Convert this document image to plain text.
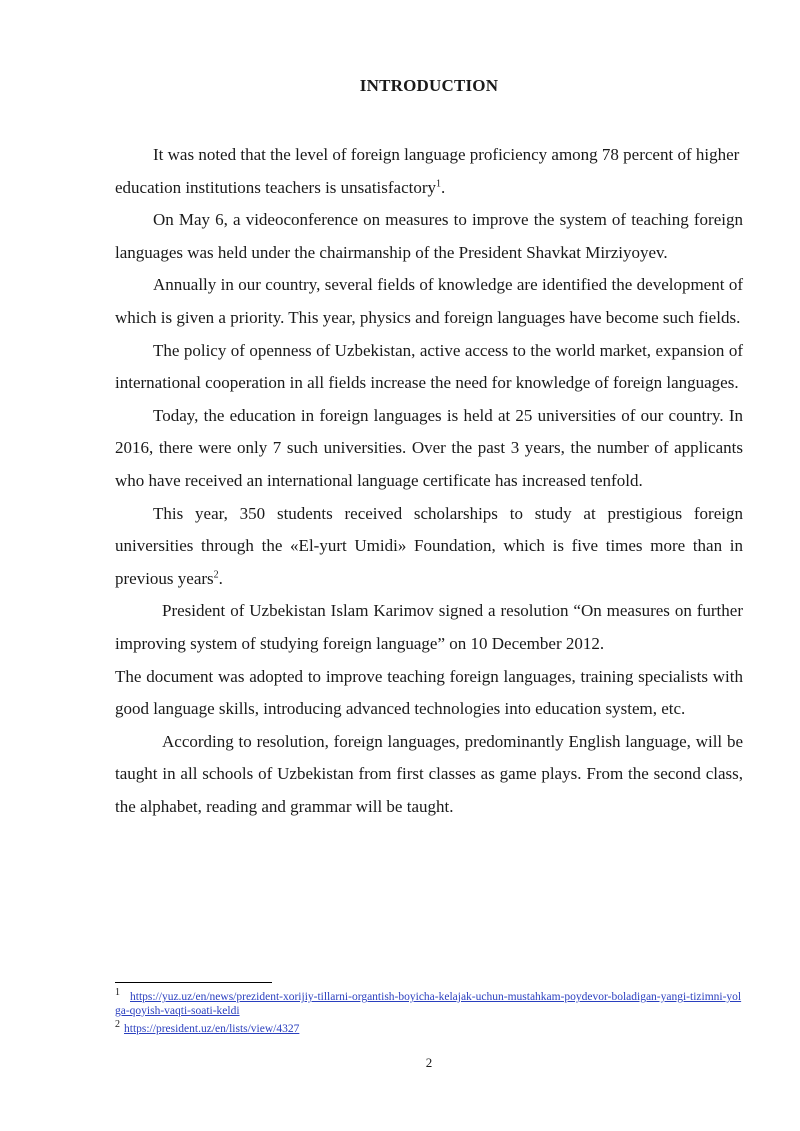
INTRODUCTION

It was noted that the level of foreign language proficiency among 78 percent of higher education institutions teachers is unsatisfactory$^1$.

On May 6, a videoconference on measures to improve the system of teaching foreign languages was held under the chairmanship of the President Shavkat Mirziyoyev.

Annually in our country, several fields of knowledge are identified the development of which is given a priority. This year, physics and foreign languages have become such fields.

The policy of openness of Uzbekistan, active access to the world market, expansion of international cooperation in all fields increase the need for knowledge of foreign languages.

Today, the education in foreign languages is held at 25 universities of our country. In 2016, there were only 7 such universities. Over the past 3 years, the number of applicants who have received an international language certificate has increased tenfold.

This year, 350 students received scholarships to study at prestigious foreign universities through the «El-yurt Umidi» Foundation, which is five times more than in previous years$^2$.

President of Uzbekistan Islam Karimov signed a resolution “On measures on further improving system of studying foreign language” on 10 December 2012.

The document was adopted to improve teaching foreign languages, training specialists with good language skills, introducing advanced technologies into education system, etc.

According to resolution, foreign languages, predominantly English language, will be taught in all schools of Uzbekistan from first classes as game plays. From the second class, the alphabet, reading and grammar will be taught.

1 https://yuz.uz/en/news/prezident-xorijiy-tillarni-organtish-boyicha-kelajak-uchun-mustahkam-poydevor-boladigan-yangi-tizimni-yolga-qoyish-vaqti-soati-keldi

2 https://president.uz/en/lists/view/4327

2
